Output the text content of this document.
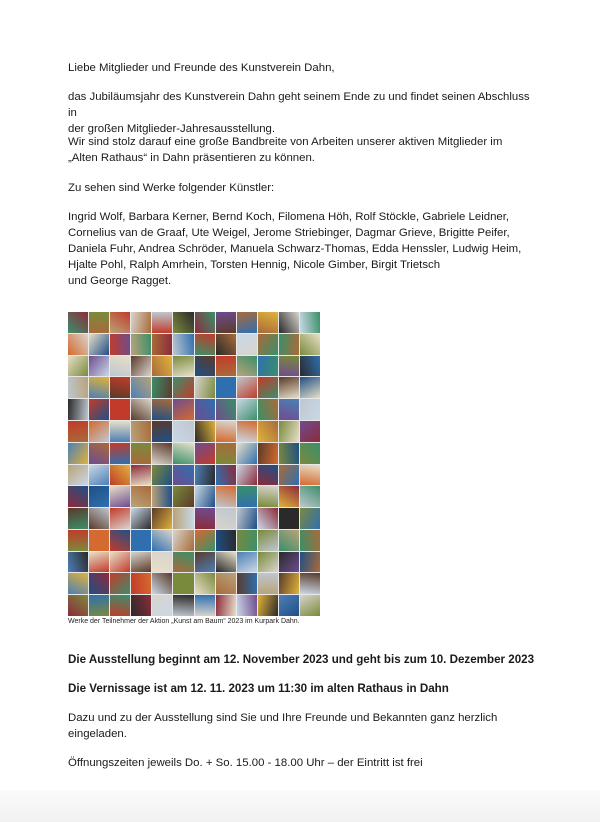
Liebe Mitglieder und Freunde des Kunstverein Dahn,

das Jubiläumsjahr des Kunstverein Dahn geht seinem Ende zu und findet seinen Abschluss in
der großen Mitglieder-Jahresausstellung.

Wir sind stolz darauf eine große Bandbreite von Arbeiten unserer aktiven Mitglieder im
„Alten Rathaus“ in Dahn präsentieren zu können.

Zu sehen sind Werke folgender Künstler:

Ingrid Wolf, Barbara Kerner, Bernd Koch, Filomena Höh, Rolf Stöckle, Gabriele Leidner,
Cornelius van de Graaf, Ute Weigel, Jerome Striebinger, Dagmar Grieve, Brigitte Peifer,
Daniela Fuhr, Andrea Schröder, Manuela Schwarz-Thomas, Edda Henssler, Ludwig Heim,
Hjalte Pohl, Ralph Amrhein, Torsten Hennig, Nicole Gimber, Birgit Trietsch
und George Ragget.

Werke der Teilnehmer der Aktion „Kunst am Baum“ 2023 im Kurpark Dahn.

Die Ausstellung beginnt am 12. November 2023 und geht bis zum 10. Dezember 2023

Die Vernissage ist am 12. 11. 2023 um 11:30 im alten Rathaus in Dahn

Dazu und zu der Ausstellung sind Sie und Ihre Freunde und Bekannten ganz herzlich
eingeladen.

Öffnungszeiten jeweils Do. + So. 15.00 - 18.00 Uhr – der Eintritt ist frei
